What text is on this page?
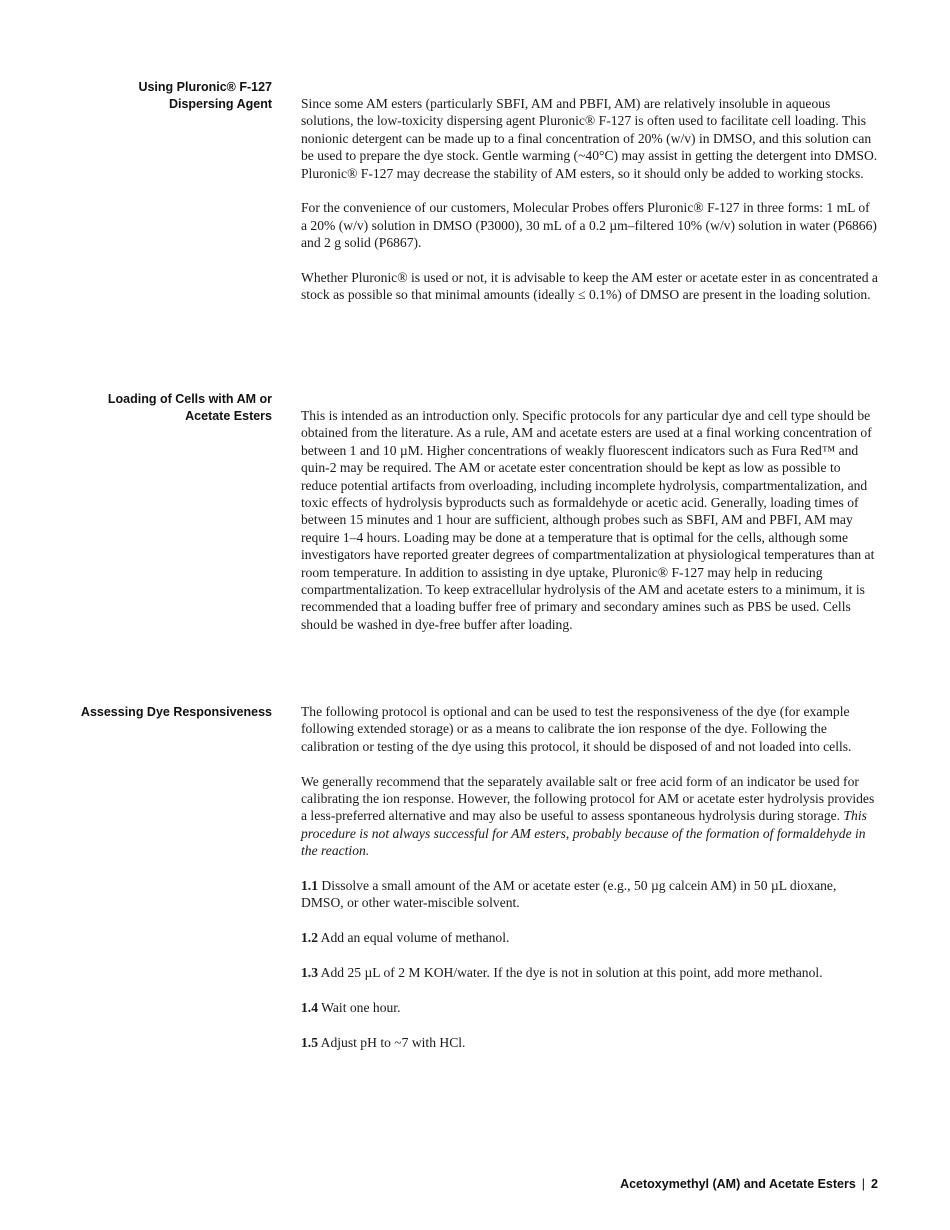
Using Pluronic® F-127
Dispersing Agent Since some AM esters (particularly SBFI, AM and PBFI, AM) are relatively insoluble in aqueous solutions, the low-toxicity dispersing agent Pluronic® F-127 is often used to facilitate cell loading. This nonionic detergent can be made up to a final concentration of 20% (w/v) in DMSO, and this solution can be used to prepare the dye stock. Gentle warming (~40°C) may assist in getting the detergent into DMSO. Pluronic® F-127 may decrease the stability of AM esters, so it should only be added to working stocks.

For the convenience of our customers, Molecular Probes offers Pluronic® F-127 in three forms: 1 mL of a 20% (w/v) solution in DMSO (P3000), 30 mL of a 0.2 µm–filtered 10% (w/v) solution in water (P6866) and 2 g solid (P6867).

Whether Pluronic® is used or not, it is advisable to keep the AM ester or acetate ester in as concentrated a stock as possible so that minimal amounts (ideally ≤ 0.1%) of DMSO are present in the loading solution.

Loading of Cells with AM or
Acetate Esters This is intended as an introduction only. Specific protocols for any particular dye and cell type should be obtained from the literature. As a rule, AM and acetate esters are used at a final working concentration of between 1 and 10 µM. Higher concentrations of weakly fluorescent indicators such as Fura Red™ and quin-2 may be required. The AM or acetate ester concentration should be kept as low as possible to reduce potential artifacts from overloading, including incomplete hydrolysis, compartmentalization, and toxic effects of hydrolysis byproducts such as formaldehyde or acetic acid. Generally, loading times of between 15 minutes and 1 hour are sufficient, although probes such as SBFI, AM and PBFI, AM may require 1–4 hours. Loading may be done at a temperature that is optimal for the cells, although some investigators have reported greater degrees of compartmentalization at physiological temperatures than at room temperature. In addition to assisting in dye uptake, Pluronic® F-127 may help in reducing compartmentalization. To keep extracellular hydrolysis of the AM and acetate esters to a minimum, it is recommended that a loading buffer free of primary and secondary amines such as PBS be used. Cells should be washed in dye-free buffer after loading.

Assessing Dye Responsiveness The following protocol is optional and can be used to test the responsiveness of the dye (for example following extended storage) or as a means to calibrate the ion response of the dye. Following the calibration or testing of the dye using this protocol, it should be disposed of and not loaded into cells.

We generally recommend that the separately available salt or free acid form of an indicator be used for calibrating the ion response. However, the following protocol for AM or acetate ester hydrolysis provides a less-preferred alternative and may also be useful to assess spontaneous hydrolysis during storage. This procedure is not always successful for AM esters, probably because of the formation of formaldehyde in the reaction.

1.1 Dissolve a small amount of the AM or acetate ester (e.g., 50 µg calcein AM) in 50 µL dioxane, DMSO, or other water-miscible solvent.

1.2 Add an equal volume of methanol.

1.3 Add 25 µL of 2 M KOH/water. If the dye is not in solution at this point, add more methanol.

1.4 Wait one hour.

1.5 Adjust pH to ~7 with HCl.

Acetoxymethyl (AM) and Acetate Esters | 2
